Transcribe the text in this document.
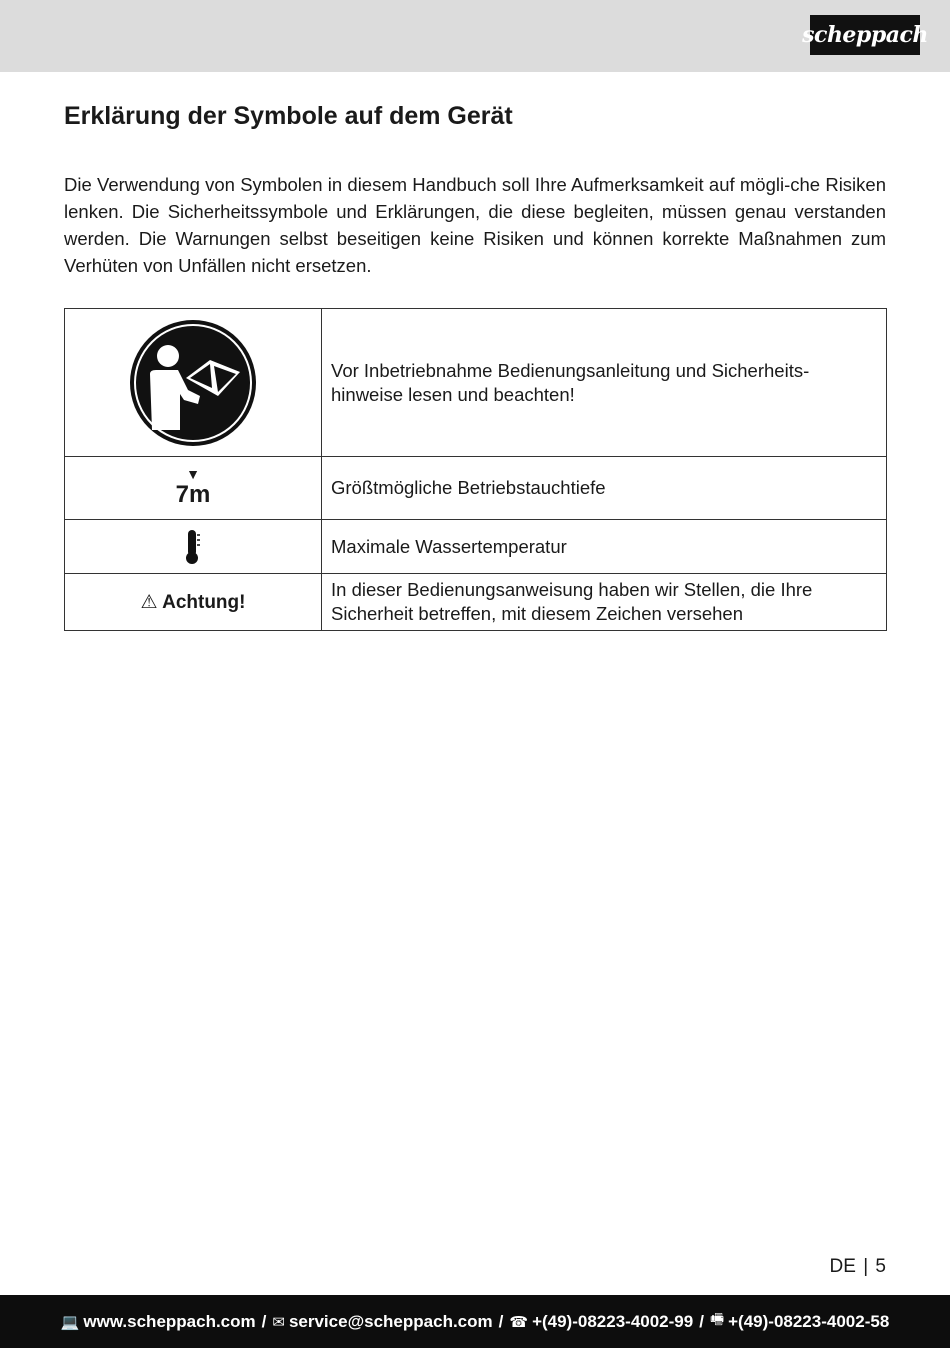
scheppach
Erklärung der Symbole auf dem Gerät

Die Verwendung von Symbolen in diesem Handbuch soll Ihre Aufmerksamkeit auf mögli-che Risiken lenken. Die Sicherheitssymbole und Erklärungen, die diese begleiten, müssen genau verstanden werden. Die Warnungen selbst beseitigen keine Risiken und können korrekte Maßnahmen zum Verhüten von Unfällen nicht ersetzen.

	Vor Inbetriebnahme Bedienungsanleitung und Sicherheits-hinweise lesen und beachten!

▼
7m	Größtmögliche Betriebstauchtiefe

	Maximale Wassertemperatur
⚠ Achtung!	In dieser Bedienungsanweisung haben wir Stellen, die Ihre Sicherheit betreffen, mit diesem Zeichen versehen
DE | 5
💻 www.scheppach.com / ✉ service@scheppach.com / ☎ +(49)-08223-4002-99 / 🖷 +(49)-08223-4002-58
